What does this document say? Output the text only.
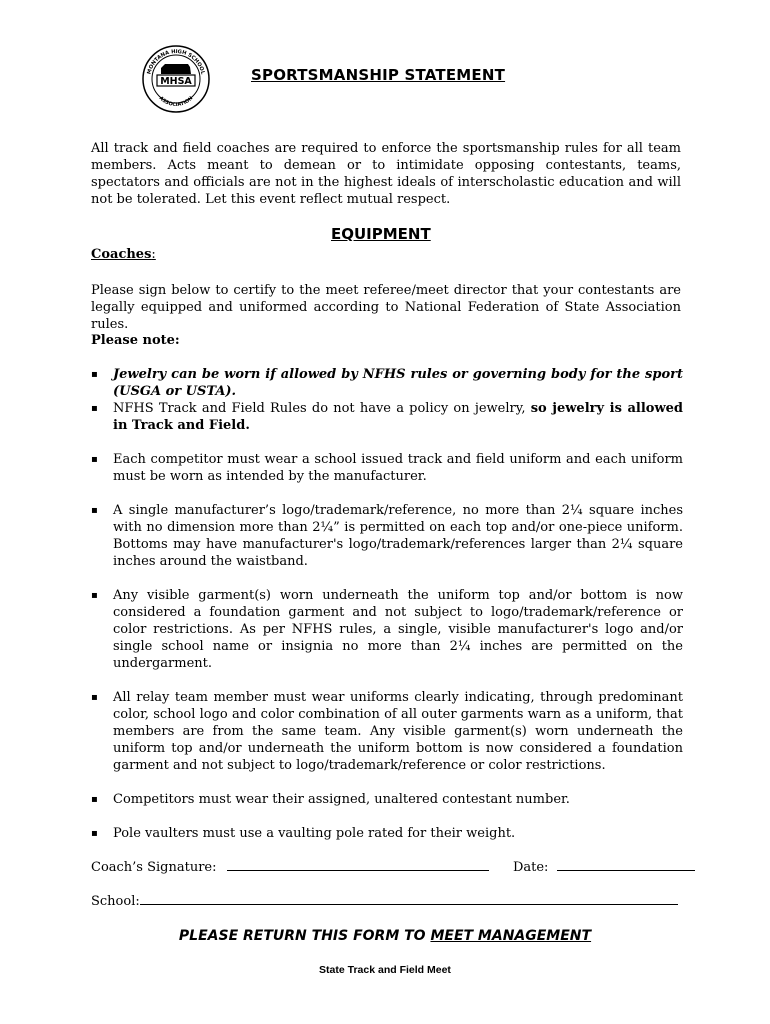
MONTANA HIGH SCHOOL
MHSA
ASSOCIATION
SPORTSMANSHIP STATEMENT

All track and field coaches are required to enforce the sportsmanship rules for all team members. Acts meant to demean or to intimidate opposing contestants, teams, spectators and officials are not in the highest ideals of interscholastic education and will not be tolerated. Let this event reflect mutual respect.

EQUIPMENT
Coaches:
Please sign below to certify to the meet referee/meet director that your contestants are legally equipped and uniformed according to National Federation of State Association rules.
Please note:
▪ Jewelry can be worn if allowed by NFHS rules or governing body for the sport (USGA or USTA).
▪ NFHS Track and Field Rules do not have a policy on jewelry, so jewelry is allowed in Track and Field.
▪ Each competitor must wear a school issued track and field uniform and each uniform must be worn as intended by the manufacturer.
▪ A single manufacturer’s logo/trademark/reference, no more than 2¼ square inches with no dimension more than 2¼” is permitted on each top and/or one-piece uniform. Bottoms may have manufacturer's logo/trademark/references larger than 2¼ square inches around the waistband.
▪ Any visible garment(s) worn underneath the uniform top and/or bottom is now considered a foundation garment and not subject to logo/trademark/reference or color restrictions. As per NFHS rules, a single, visible manufacturer's logo and/or single school name or insignia no more than 2¼ inches are permitted on the undergarment.
▪ All relay team member must wear uniforms clearly indicating, through predominant color, school logo and color combination of all outer garments warn as a uniform, that members are from the same team. Any visible garment(s) worn underneath the uniform top and/or underneath the uniform bottom is now considered a foundation garment and not subject to logo/trademark/reference or color restrictions.
▪ Competitors must wear their assigned, unaltered contestant number.
▪ Pole vaulters must use a vaulting pole rated for their weight.
Coach’s Signature:	Date:
School:
PLEASE RETURN THIS FORM TO MEET MANAGEMENT
State Track and Field Meet
